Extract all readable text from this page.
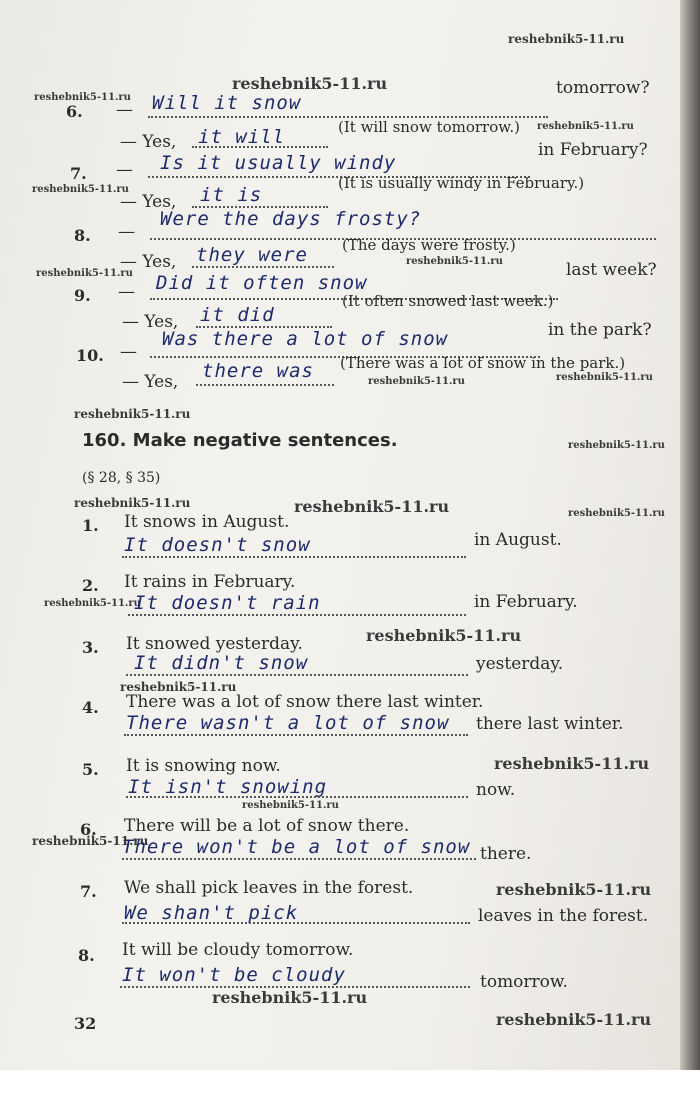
reshebnik5-11.ru
reshebnik5-11.ru
reshebnik5-11.ru
reshebnik5-11.ru
reshebnik5-11.ru
reshebnik5-11.ru
reshebnik5-11.ru
reshebnik5-11.ru	reshebnik5-11.ru
reshebnik5-11.ru
reshebnik5-11.ru
reshebnik5-11.ru	reshebnik5-11.ru	reshebnik5-11.ru
reshebnik5-11.ru
reshebnik5-11.ru
reshebnik5-11.ru
reshebnik5-11.ru
reshebnik5-11.ru
reshebnik5-11.ru
reshebnik5-11.ru
reshebnik5-11.ru
reshebnik5-11.ru
6. — Will it snow
tomorrow?
— Yes, it will	(It will snow tomorrow.)
7. — Is it usually windy
in February?
— Yes, it is
(It is usually windy in February.)
8. —
Were the days frosty?
— Yes, they were (The days were frosty.)
9. — Did it often snow
last week?
— Yes, it did
(It often snowed last week.)
10. —
Was there a lot of snow	in the park?
— Yes, there was (There was a lot of snow in the park.)
160. Make negative sentences.
(§ 28, § 35)
1. It snows in August.
It doesn't snow	in August.
2. It rains in February.
It doesn't rain	in February.
3. It snowed yesterday.
It didn't snow	yesterday.
4. There was a lot of snow there last winter.
There wasn't a lot of snow there last winter.
5. It is snowing now.
It isn't snowing	now.
6. There will be a lot of snow there.
There won't be a lot of snow there.
7. We shall pick leaves in the forest.
We shan't pick	leaves in the forest.
8. It will be cloudy tomorrow.
It won't be cloudy	tomorrow.
32
